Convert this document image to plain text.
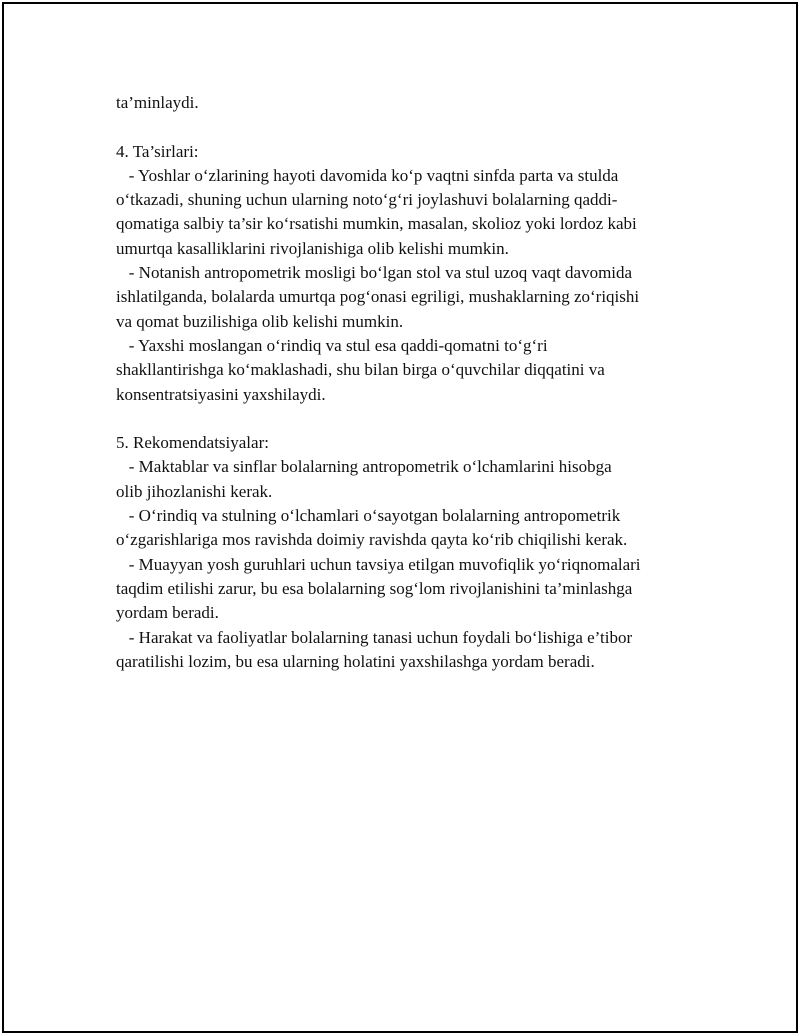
ta’minlaydi.

4. Ta’sirlari:

- Yoshlar o‘zlarining hayoti davomida ko‘p vaqtni sinfda parta va stulda

o‘tkazadi, shuning uchun ularning noto‘g‘ri joylashuvi bolalarning qaddi-

qomatiga salbiy ta’sir ko‘rsatishi mumkin, masalan, skolioz yoki lordoz kabi

umurtqa kasalliklarini rivojlanishiga olib kelishi mumkin.

- Notanish antropometrik mosligi bo‘lgan stol va stul uzoq vaqt davomida

ishlatilganda, bolalarda umurtqa pog‘onasi egriligi, mushaklarning zo‘riqishi

va qomat buzilishiga olib kelishi mumkin.

- Yaxshi moslangan o‘rindiq va stul esa qaddi-qomatni to‘g‘ri

shakllantirishga ko‘maklashadi, shu bilan birga o‘quvchilar diqqatini va

konsentratsiyasini yaxshilaydi.

5. Rekomendatsiyalar:

- Maktablar va sinflar bolalarning antropometrik o‘lchamlarini hisobga

olib jihozlanishi kerak.

- O‘rindiq va stulning o‘lchamlari o‘sayotgan bolalarning antropometrik

o‘zgarishlariga mos ravishda doimiy ravishda qayta ko‘rib chiqilishi kerak.

- Muayyan yosh guruhlari uchun tavsiya etilgan muvofiqlik yo‘riqnomalari

taqdim etilishi zarur, bu esa bolalarning sog‘lom rivojlanishini ta’minlashga

yordam beradi.

- Harakat va faoliyatlar bolalarning tanasi uchun foydali bo‘lishiga e’tibor

qaratilishi lozim, bu esa ularning holatini yaxshilashga yordam beradi.
